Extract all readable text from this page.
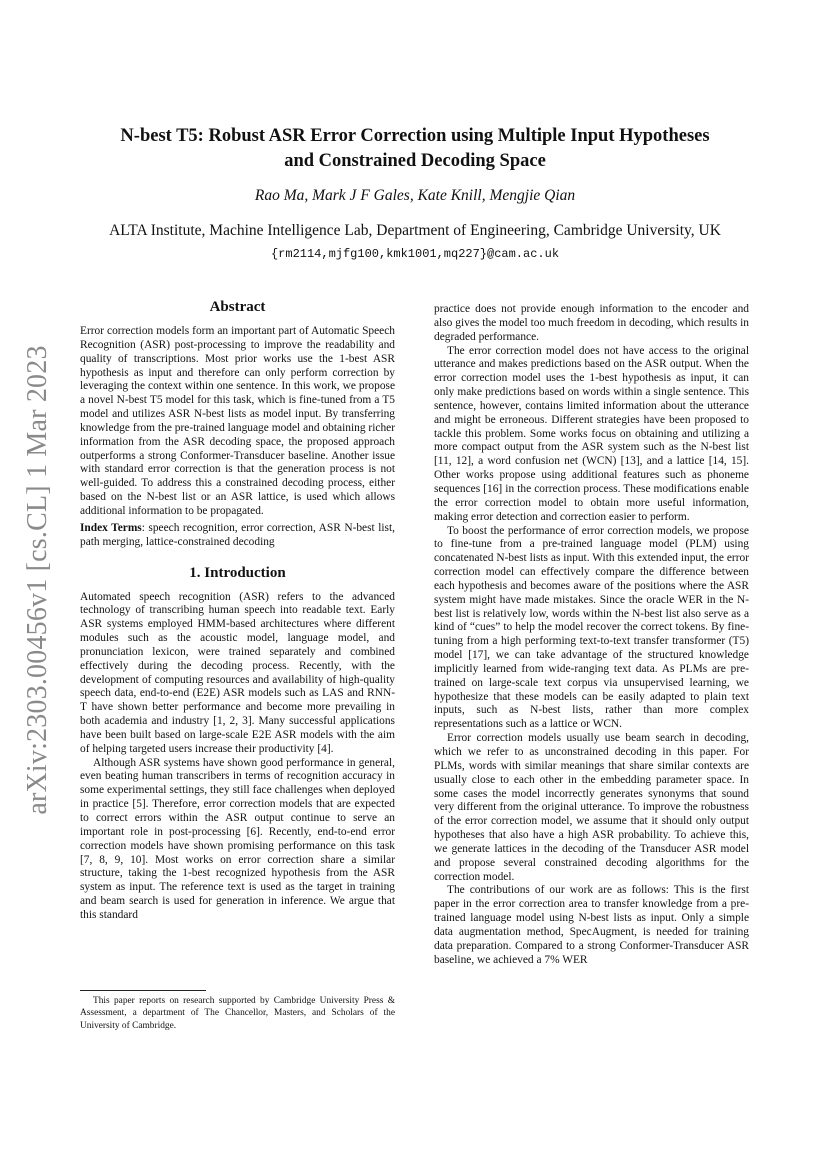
arXiv:2303.00456v1 [cs.CL] 1 Mar 2023
N-best T5: Robust ASR Error Correction using Multiple Input Hypotheses
and Constrained Decoding Space
Rao Ma, Mark J F Gales, Kate Knill, Mengjie Qian
ALTA Institute, Machine Intelligence Lab, Department of Engineering, Cambridge University, UK
{rm2114,mjfg100,kmk1001,mq227}@cam.ac.uk
Abstract

Error correction models form an important part of Automatic Speech Recognition (ASR) post-processing to improve the readability and quality of transcriptions. Most prior works use the 1-best ASR hypothesis as input and therefore can only perform correction by leveraging the context within one sentence. In this work, we propose a novel N-best T5 model for this task, which is fine-tuned from a T5 model and utilizes ASR N-best lists as model input. By transferring knowledge from the pre-trained language model and obtaining richer information from the ASR decoding space, the proposed approach outperforms a strong Conformer-Transducer baseline. Another issue with standard error correction is that the generation process is not well-guided. To address this a constrained decoding process, either based on the N-best list or an ASR lattice, is used which allows additional information to be propagated.

Index Terms: speech recognition, error correction, ASR N-best list, path merging, lattice-constrained decoding

1. Introduction

Automated speech recognition (ASR) refers to the advanced technology of transcribing human speech into readable text. Early ASR systems employed HMM-based architectures where different modules such as the acoustic model, language model, and pronunciation lexicon, were trained separately and combined effectively during the decoding process. Recently, with the development of computing resources and availability of high-quality speech data, end-to-end (E2E) ASR models such as LAS and RNN-T have shown better performance and become more prevailing in both academia and industry [1, 2, 3]. Many successful applications have been built based on large-scale E2E ASR models with the aim of helping targeted users increase their productivity [4].

Although ASR systems have shown good performance in general, even beating human transcribers in terms of recognition accuracy in some experimental settings, they still face challenges when deployed in practice [5]. Therefore, error correction models that are expected to correct errors within the ASR output continue to serve an important role in post-processing [6]. Recently, end-to-end error correction models have shown promising performance on this task [7, 8, 9, 10]. Most works on error correction share a similar structure, taking the 1-best recognized hypothesis from the ASR system as input. The reference text is used as the target in training and beam search is used for generation in inference. We argue that this standard

This paper reports on research supported by Cambridge University Press & Assessment, a department of The Chancellor, Masters, and Scholars of the University of Cambridge.

practice does not provide enough information to the encoder and also gives the model too much freedom in decoding, which results in degraded performance.

The error correction model does not have access to the original utterance and makes predictions based on the ASR output. When the error correction model uses the 1-best hypothesis as input, it can only make predictions based on words within a single sentence. This sentence, however, contains limited information about the utterance and might be erroneous. Different strategies have been proposed to tackle this problem. Some works focus on obtaining and utilizing a more compact output from the ASR system such as the N-best list [11, 12], a word confusion net (WCN) [13], and a lattice [14, 15]. Other works propose using additional features such as phoneme sequences [16] in the correction process. These modifications enable the error correction model to obtain more useful information, making error detection and correction easier to perform.

To boost the performance of error correction models, we propose to fine-tune from a pre-trained language model (PLM) using concatenated N-best lists as input. With this extended input, the error correction model can effectively compare the difference between each hypothesis and becomes aware of the positions where the ASR system might have made mistakes. Since the oracle WER in the N-best list is relatively low, words within the N-best list also serve as a kind of “cues” to help the model recover the correct tokens. By fine-tuning from a high performing text-to-text transfer transformer (T5) model [17], we can take advantage of the structured knowledge implicitly learned from wide-ranging text data. As PLMs are pre-trained on large-scale text corpus via unsupervised learning, we hypothesize that these models can be easily adapted to plain text inputs, such as N-best lists, rather than more complex representations such as a lattice or WCN.

Error correction models usually use beam search in decoding, which we refer to as unconstrained decoding in this paper. For PLMs, words with similar meanings that share similar contexts are usually close to each other in the embedding parameter space. In some cases the model incorrectly generates synonyms that sound very different from the original utterance. To improve the robustness of the error correction model, we assume that it should only output hypotheses that also have a high ASR probability. To achieve this, we generate lattices in the decoding of the Transducer ASR model and propose several constrained decoding algorithms for the correction model.

The contributions of our work are as follows: This is the first paper in the error correction area to transfer knowledge from a pre-trained language model using N-best lists as input. Only a simple data augmentation method, SpecAugment, is needed for training data preparation. Compared to a strong Conformer-Transducer ASR baseline, we achieved a 7% WER
